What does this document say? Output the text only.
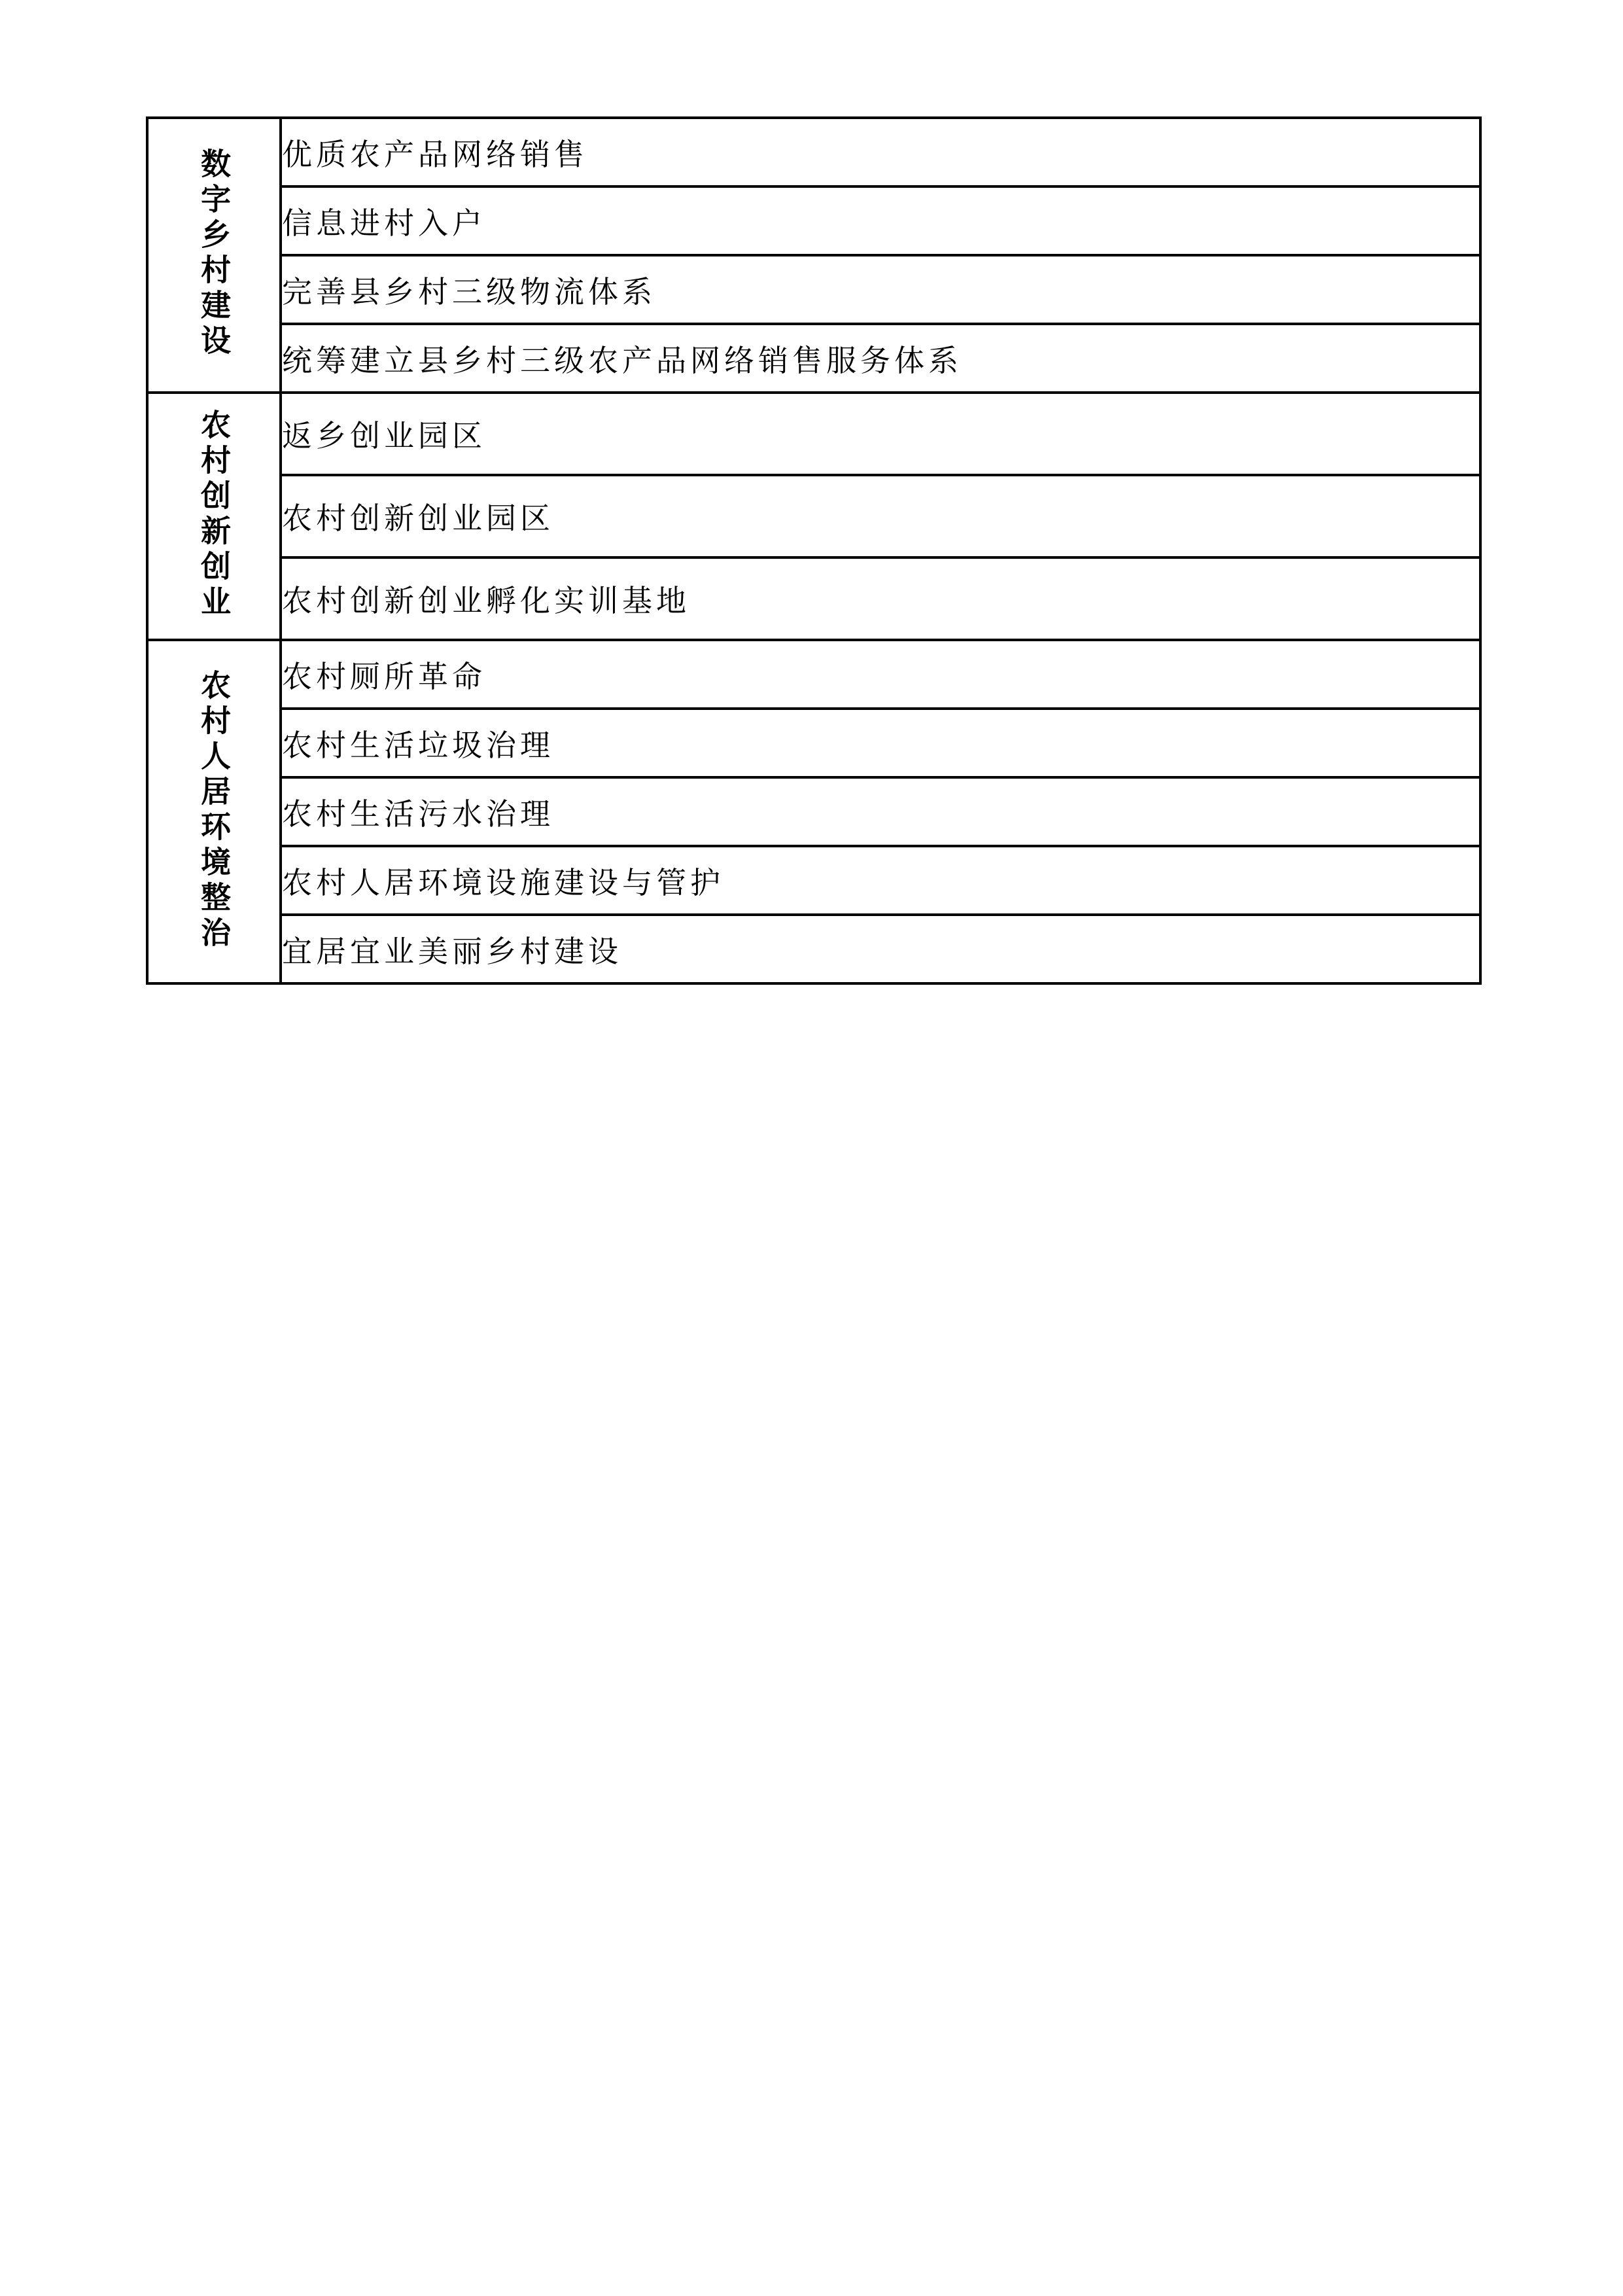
数字乡村建设	优质农产品网络销售
	信息进村入户
	完善县乡村三级物流体系
	统筹建立县乡村三级农产品网络销售服务体系
农村创新创业	返乡创业园区
	农村创新创业园区
	农村创新创业孵化实训基地
农村人居环境整治	农村厕所革命
	农村生活垃圾治理
	农村生活污水治理
	农村人居环境设施建设与管护
	宜居宜业美丽乡村建设
